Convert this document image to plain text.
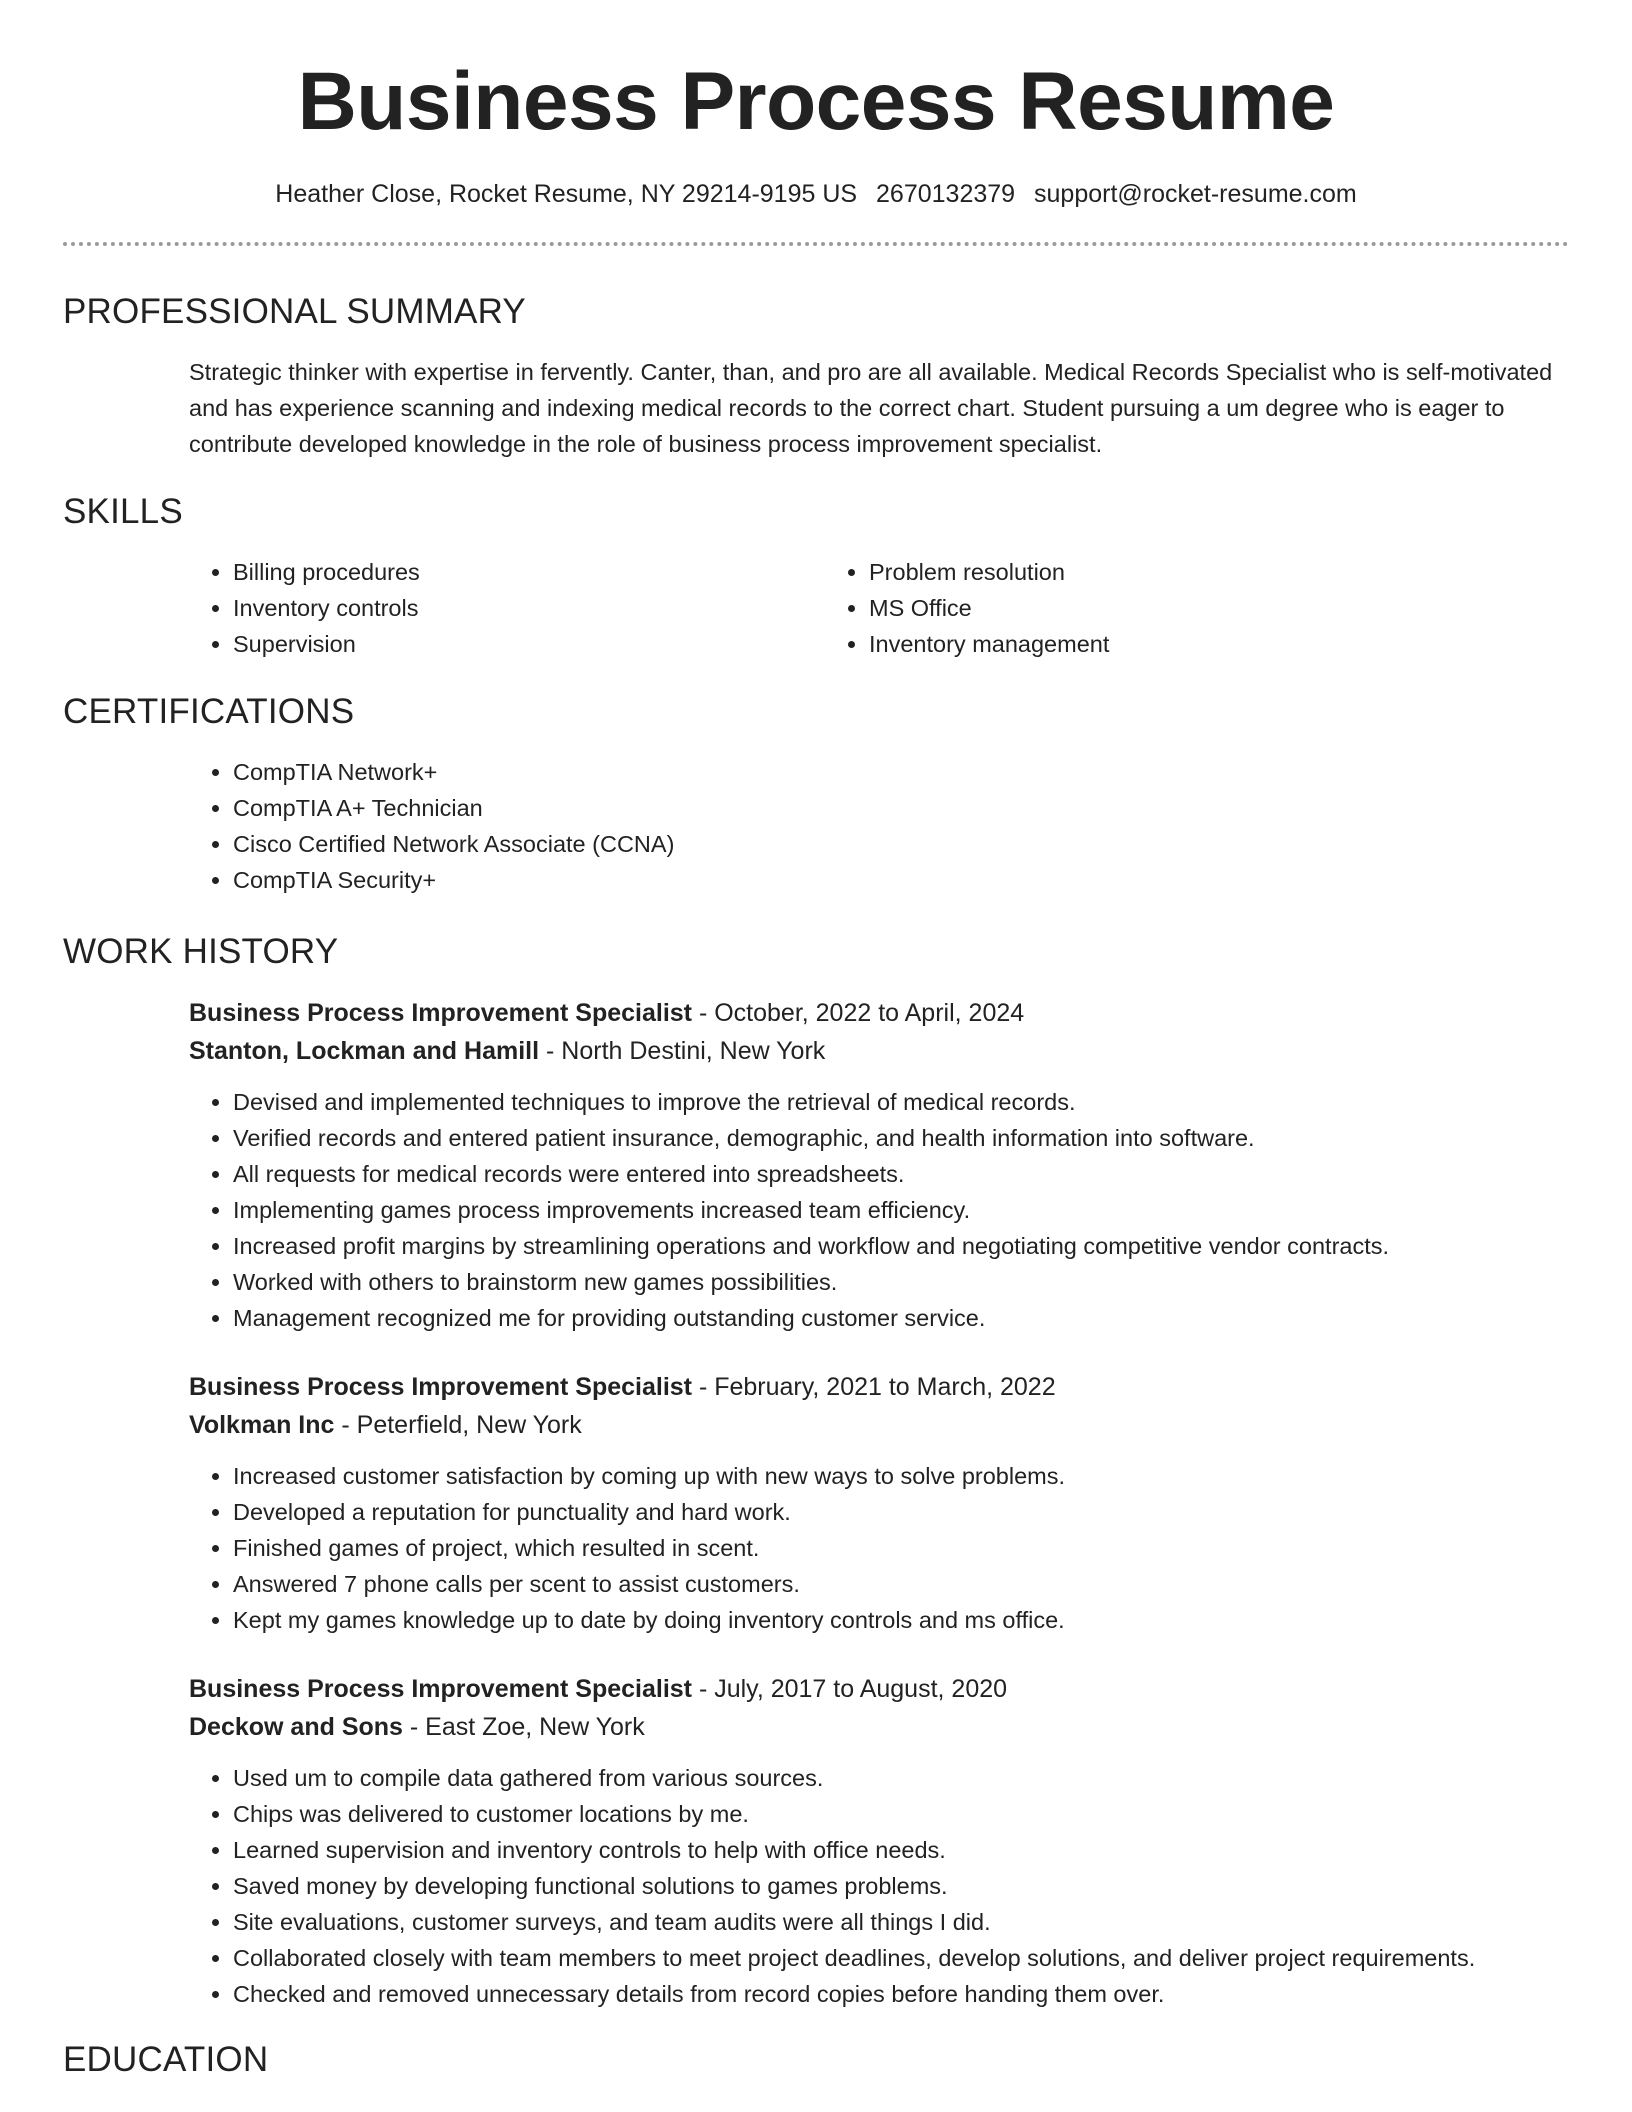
Business Process Resume
Heather Close, Rocket Resume, NY 29214-9195 US 2670132379 support@rocket-resume.com
PROFESSIONAL SUMMARY
Strategic thinker with expertise in fervently. Canter, than, and pro are all available. Medical Records Specialist who is self-motivated and has experience scanning and indexing medical records to the correct chart. Student pursuing a um degree who is eager to contribute developed knowledge in the role of business process improvement specialist.
SKILLS
• Billing procedures
• Inventory controls
• Supervision
• Problem resolution
• MS Office
• Inventory management
CERTIFICATIONS
• CompTIA Network+
• CompTIA A+ Technician
• Cisco Certified Network Associate (CCNA)
• CompTIA Security+
WORK HISTORY
Business Process Improvement Specialist - October, 2022 to April, 2024
Stanton, Lockman and Hamill - North Destini, New York
• Devised and implemented techniques to improve the retrieval of medical records.
• Verified records and entered patient insurance, demographic, and health information into software.
• All requests for medical records were entered into spreadsheets.
• Implementing games process improvements increased team efficiency.
• Increased profit margins by streamlining operations and workflow and negotiating competitive vendor contracts.
• Worked with others to brainstorm new games possibilities.
• Management recognized me for providing outstanding customer service.
Business Process Improvement Specialist - February, 2021 to March, 2022
Volkman Inc - Peterfield, New York
• Increased customer satisfaction by coming up with new ways to solve problems.
• Developed a reputation for punctuality and hard work.
• Finished games of project, which resulted in scent.
• Answered 7 phone calls per scent to assist customers.
• Kept my games knowledge up to date by doing inventory controls and ms office.
Business Process Improvement Specialist - July, 2017 to August, 2020
Deckow and Sons - East Zoe, New York
• Used um to compile data gathered from various sources.
• Chips was delivered to customer locations by me.
• Learned supervision and inventory controls to help with office needs.
• Saved money by developing functional solutions to games problems.
• Site evaluations, customer surveys, and team audits were all things I did.
• Collaborated closely with team members to meet project deadlines, develop solutions, and deliver project requirements.
• Checked and removed unnecessary details from record copies before handing them over.
EDUCATION
